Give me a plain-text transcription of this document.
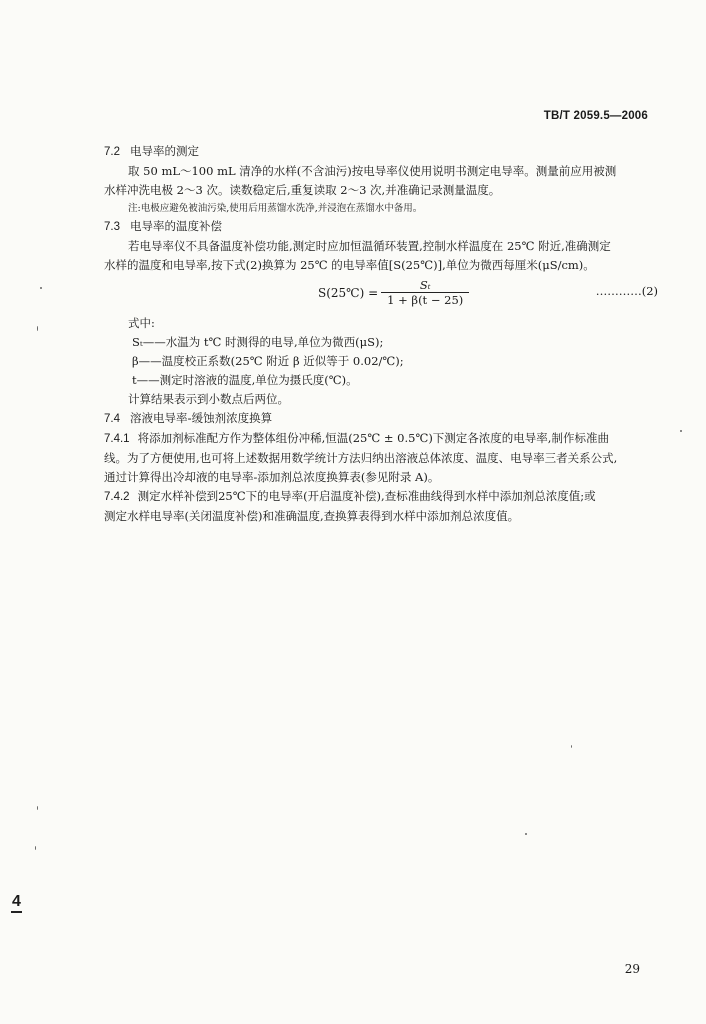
TB/T 2059.5—2006
7.2 电导率的测定
取 50 mL～100 mL 清净的水样(不含油污)按电导率仪使用说明书测定电导率。测量前应用被测
水样冲洗电极 2～3 次。读数稳定后,重复读取 2～3 次,并准确记录测量温度。
注:电极应避免被油污染,使用后用蒸馏水洗净,并浸泡在蒸馏水中备用。
7.3 电导率的温度补偿
若电导率仪不具备温度补偿功能,测定时应加恒温循环装置,控制水样温度在 25℃ 附近,准确测定
水样的温度和电导率,按下式(2)换算为 25℃ 的电导率值[S(25℃)],单位为微西每厘米(μS/cm)。
S(25℃) = $\frac{\text{Sₜ}}{1 + \beta(t - 25)}$	…………(2)
式中:
Sₜ——水温为 t℃ 时测得的电导,单位为微西(μS);
β——温度校正系数(25℃ 附近 β 近似等于 0.02/℃);
t——测定时溶液的温度,单位为摄氏度(℃)。
计算结果表示到小数点后两位。
7.4 溶液电导率-缓蚀剂浓度换算
7.4.1 将添加剂标准配方作为整体组份冲稀,恒温(25℃ ± 0.5℃)下测定各浓度的电导率,制作标准曲
线。为了方便使用,也可将上述数据用数学统计方法归纳出溶液总体浓度、温度、电导率三者关系公式,
通过计算得出冷却液的电导率-添加剂总浓度换算表(参见附录 A)。
7.4.2 测定水样补偿到25℃下的电导率(开启温度补偿),查标准曲线得到水样中添加剂总浓度值;或
测定水样电导率(关闭温度补偿)和准确温度,查换算表得到水样中添加剂总浓度值。
4
29
